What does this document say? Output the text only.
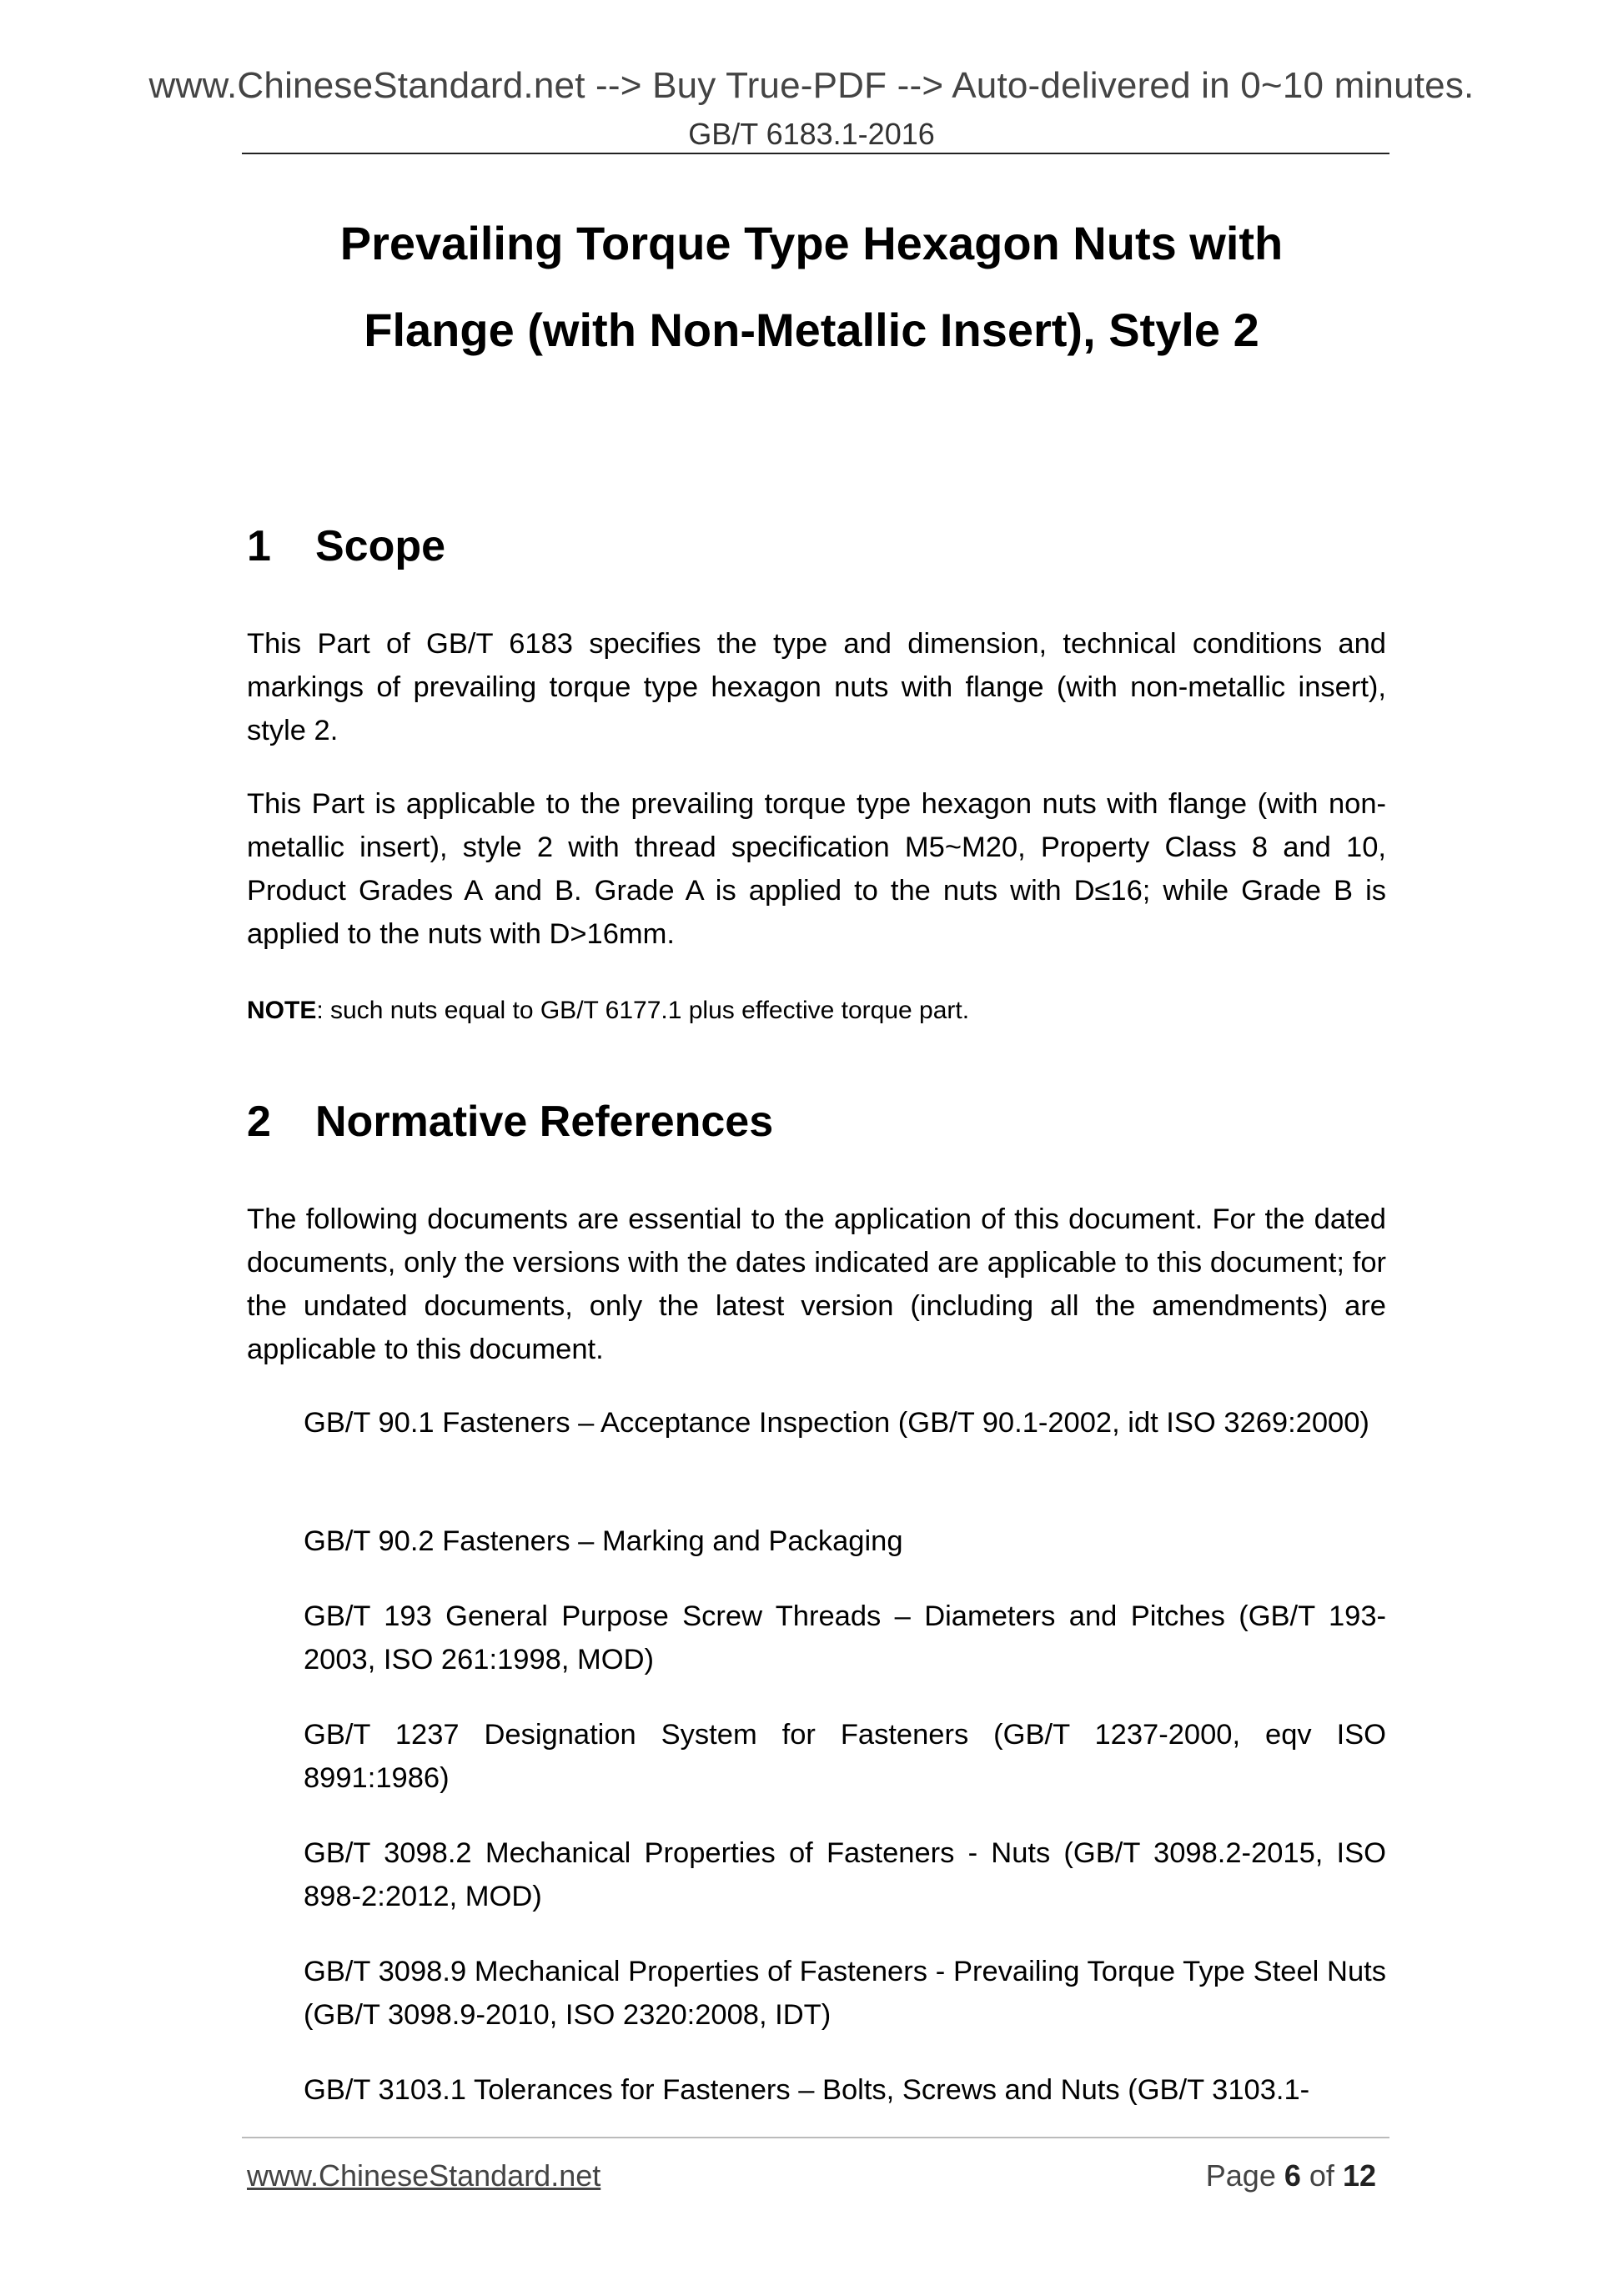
www.ChineseStandard.net --> Buy True-PDF --> Auto-delivered in 0~10 minutes.
GB/T 6183.1-2016
Prevailing Torque Type Hexagon Nuts with
Flange (with Non-Metallic Insert), Style 2
1 Scope

This Part of GB/T 6183 specifies the type and dimension, technical conditions and markings of prevailing torque type hexagon nuts with flange (with non-metallic insert), style 2.

This Part is applicable to the prevailing torque type hexagon nuts with flange (with non-metallic insert), style 2 with thread specification M5~M20, Property Class 8 and 10, Product Grades A and B. Grade A is applied to the nuts with D≤16; while Grade B is applied to the nuts with D>16mm.

NOTE: such nuts equal to GB/T 6177.1 plus effective torque part.

2 Normative References

The following documents are essential to the application of this document. For the dated documents, only the versions with the dates indicated are applicable to this document; for the undated documents, only the latest version (including all the amendments) are applicable to this document.

GB/T 90.1 Fasteners – Acceptance Inspection (GB/T 90.1-2002, idt ISO 3269:2000)

GB/T 90.2 Fasteners – Marking and Packaging

GB/T 193 General Purpose Screw Threads – Diameters and Pitches (GB/T 193-2003, ISO 261:1998, MOD)

GB/T 1237 Designation System for Fasteners (GB/T 1237-2000, eqv ISO 8991:1986)

GB/T 3098.2 Mechanical Properties of Fasteners - Nuts (GB/T 3098.2-2015, ISO 898-2:2012, MOD)

GB/T 3098.9 Mechanical Properties of Fasteners - Prevailing Torque Type Steel Nuts (GB/T 3098.9-2010, ISO 2320:2008, IDT)

GB/T 3103.1 Tolerances for Fasteners – Bolts, Screws and Nuts (GB/T 3103.1-

www.ChineseStandard.net	Page 6 of 12
